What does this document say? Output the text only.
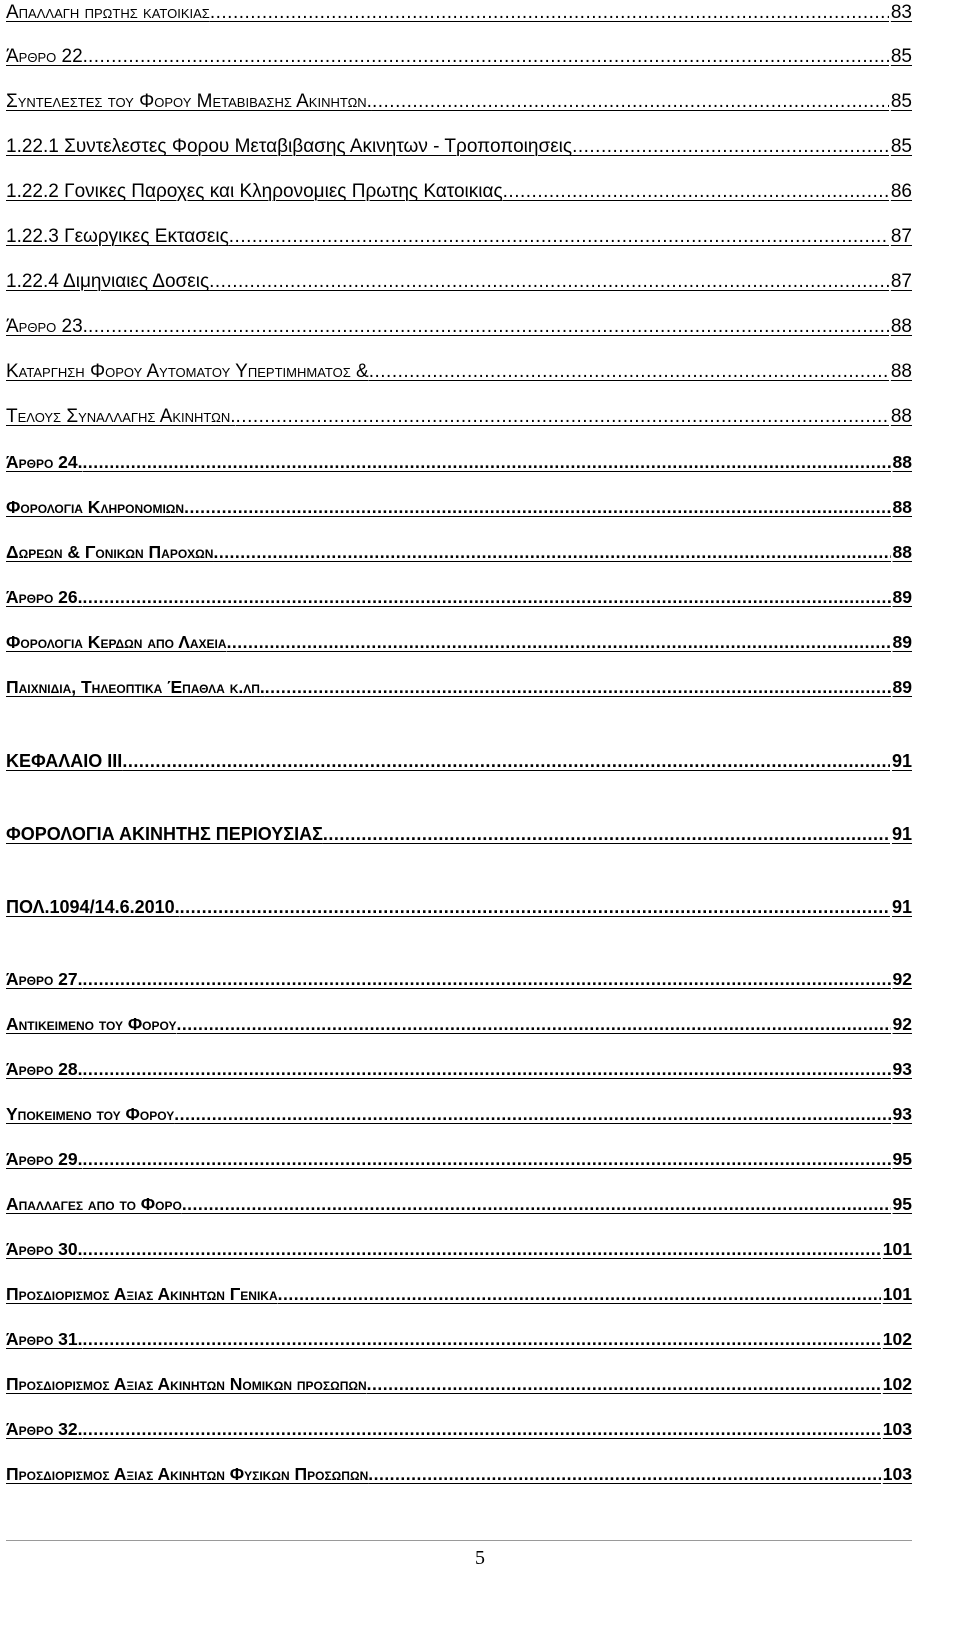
Απαλλαγη πρωτης κατοικιας .....	83
Άρθρο 22. .....	85
Συντελεστες του Φορου Μεταβιβασης Ακινητων. .....	85
1.22.1 Συντελεστες Φορου Μεταβιβασης Ακινητων - Τροποποιησεις .....	85
1.22.2 Γονικες Παροχες και Κληρονομιες Πρωτης Κατοικιας .....	86
1.22.3 Γεωργικες Εκτασεις .....	87
1.22.4 Διμηνιαιες Δοσεις .....	87
Άρθρο 23. .....	88
Καταργηση Φορου Αυτοματου Υπερτιμηματος & .....	88
Τελους Συναλλαγης Ακινητων. .....	88
Άρθρο 24. .....	88
Φορολογια Κληρονομιων .....	88
Δωρεων & Γονικων Παροχων .....	88
Άρθρο 26. .....	89
Φορολογια Κερδων απο Λαχεια .....	89
Παιχνιδια, Τηλεοπτικα Έπαθλα κ.λπ. .....	89
ΚΕΦΑΛΑΙΟ ΙΙΙ .....	91
ΦΟΡΟΛΟΓΙΑ ΑΚΙΝΗΤΗΣ ΠΕΡΙΟΥΣΙΑΣ .....	91
ΠΟΛ.1094/14.6.2010. .....	91
Άρθρο 27. .....	92
Αντικειμενο του Φορου .....	92
Άρθρο 28. .....	93
Υποκειμενο του Φορου .....	93
Άρθρο 29. .....	95
Απαλλαγες απο το Φορο .....	95
Άρθρο 30. .....	101
Προσδιορισμος Αξιας Ακινητων Γενικα .....	101
Άρθρο 31. .....	102
Προσδιορισμος Αξιας Ακινητων Νομικων προσωπων .....	102
Άρθρο 32. .....	103
Προσδιορισμος Αξιας Ακινητων Φυσικων Προσωπων .....	103
5
